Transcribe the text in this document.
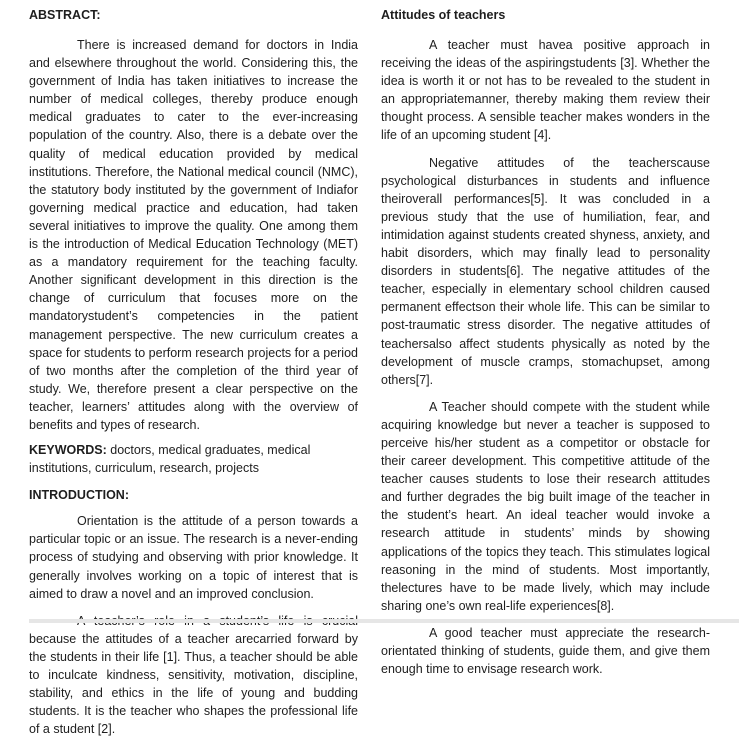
ABSTRACT:

There is increased demand for doctors in India and elsewhere throughout the world. Considering this, the government of India has taken initiatives to increase the number of medical colleges, thereby produce enough medical graduates to cater to the ever-increasing population of the country. Also, there is a debate over the quality of medical education provided by medical institutions. Therefore, the National medical council (NMC), the statutory body instituted by the government of Indiafor governing medical practice and education, had taken several initiatives to improve the quality. One among them is the introduction of Medical Education Technology (MET) as a mandatory requirement for the teaching faculty. Another significant development in this direction is the change of curriculum that focuses more on the mandatorystudent’s competencies in the patient management perspective. The new curriculum creates a space for students to perform research projects for a period of two months after the completion of the third year of study. We, therefore present a clear perspective on the teacher, learners’ attitudes along with the overview of benefits and types of research.

KEYWORDS: doctors, medical graduates, medical institutions, curriculum, research, projects

INTRODUCTION:

Orientation is the attitude of a person towards a particular topic or an issue. The research is a never-ending process of studying and observing with prior knowledge. It generally involves working on a topic of interest that is aimed to draw a novel and an improved conclusion.

because the attitudes of a teacher arecarried forward by the students in their life [1]. Thus, a teacher should be able to inculcate kindness, sensitivity, motivation, discipline, stability, and ethics in the life of young and budding students. It is the teacher who shapes the professional life of a student [2].

Attitudes of teachers

A teacher must havea positive approach in receiving the ideas of the aspiringstudents [3]. Whether the idea is worth it or not has to be revealed to the student in an appropriatemanner, thereby making them review their thought process. A sensible teacher makes wonders in the life of an upcoming student [4].

Negative attitudes of the teacherscause psychological disturbances in students and influence theiroverall performances[5]. It was concluded in a previous study that the use of humiliation, fear, and intimidation against students created shyness, anxiety, and habit disorders, which may finally lead to personality disorders in students[6]. The negative attitudes of the teacher, especially in elementary school children caused permanent effectson their whole life. This can be similar to post-traumatic stress disorder. The negative attitudes of teachersalso affect students physically as noted by the development of muscle cramps, stomachupset, among others[7].

A Teacher should compete with the student while acquiring knowledge but never a teacher is supposed to perceive his/her student as a competitor or obstacle for their career development. This competitive attitude of the teacher causes students to lose their research attitudes and further degrades the big built image of the teacher in the student’s heart. An ideal teacher would invoke a research attitude in students’ minds by showing applications of the topics they teach. This stimulates logical reasoning in the mind of students. Most importantly, thelectures have to be made lively, which may include sharing one’s own real-life experiences[8].

A good teacher must appreciate the research-orientated thinking of students, guide them, and give them enough time to envisage research work.
